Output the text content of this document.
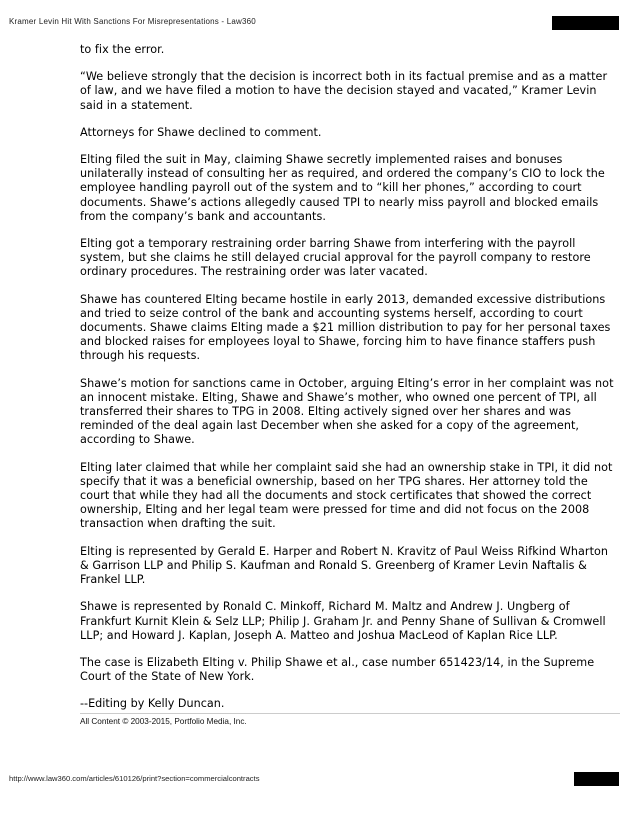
Kramer Levin Hit With Sanctions For Misrepresentations - Law360

to fix the error.

“We believe strongly that the decision is incorrect both in its factual premise and as a matter of law, and we have filed a motion to have the decision stayed and vacated,” Kramer Levin said in a statement.

Attorneys for Shawe declined to comment.

Elting filed the suit in May, claiming Shawe secretly implemented raises and bonuses unilaterally instead of consulting her as required, and ordered the company’s CIO to lock the employee handling payroll out of the system and to “kill her phones,” according to court documents. Shawe’s actions allegedly caused TPI to nearly miss payroll and blocked emails from the company’s bank and accountants.

Elting got a temporary restraining order barring Shawe from interfering with the payroll system, but she claims he still delayed crucial approval for the payroll company to restore ordinary procedures. The restraining order was later vacated.

Shawe has countered Elting became hostile in early 2013, demanded excessive distributions and tried to seize control of the bank and accounting systems herself, according to court documents. Shawe claims Elting made a $21 million distribution to pay for her personal taxes and blocked raises for employees loyal to Shawe, forcing him to have finance staffers push through his requests.

Shawe’s motion for sanctions came in October, arguing Elting’s error in her complaint was not an innocent mistake. Elting, Shawe and Shawe’s mother, who owned one percent of TPI, all transferred their shares to TPG in 2008. Elting actively signed over her shares and was reminded of the deal again last December when she asked for a copy of the agreement, according to Shawe.

Elting later claimed that while her complaint said she had an ownership stake in TPI, it did not specify that it was a beneficial ownership, based on her TPG shares. Her attorney told the court that while they had all the documents and stock certificates that showed the correct ownership, Elting and her legal team were pressed for time and did not focus on the 2008 transaction when drafting the suit.

Elting is represented by Gerald E. Harper and Robert N. Kravitz of Paul Weiss Rifkind Wharton & Garrison LLP and Philip S. Kaufman and Ronald S. Greenberg of Kramer Levin Naftalis & Frankel LLP.

Shawe is represented by Ronald C. Minkoff, Richard M. Maltz and Andrew J. Ungberg of Frankfurt Kurnit Klein & Selz LLP; Philip J. Graham Jr. and Penny Shane of Sullivan & Cromwell LLP; and Howard J. Kaplan, Joseph A. Matteo and Joshua MacLeod of Kaplan Rice LLP.

The case is Elizabeth Elting v. Philip Shawe et al., case number 651423/14, in the Supreme Court of the State of New York.

--Editing by Kelly Duncan.

All Content © 2003-2015, Portfolio Media, Inc.
http://www.law360.com/articles/610126/print?section=commercialcontracts
